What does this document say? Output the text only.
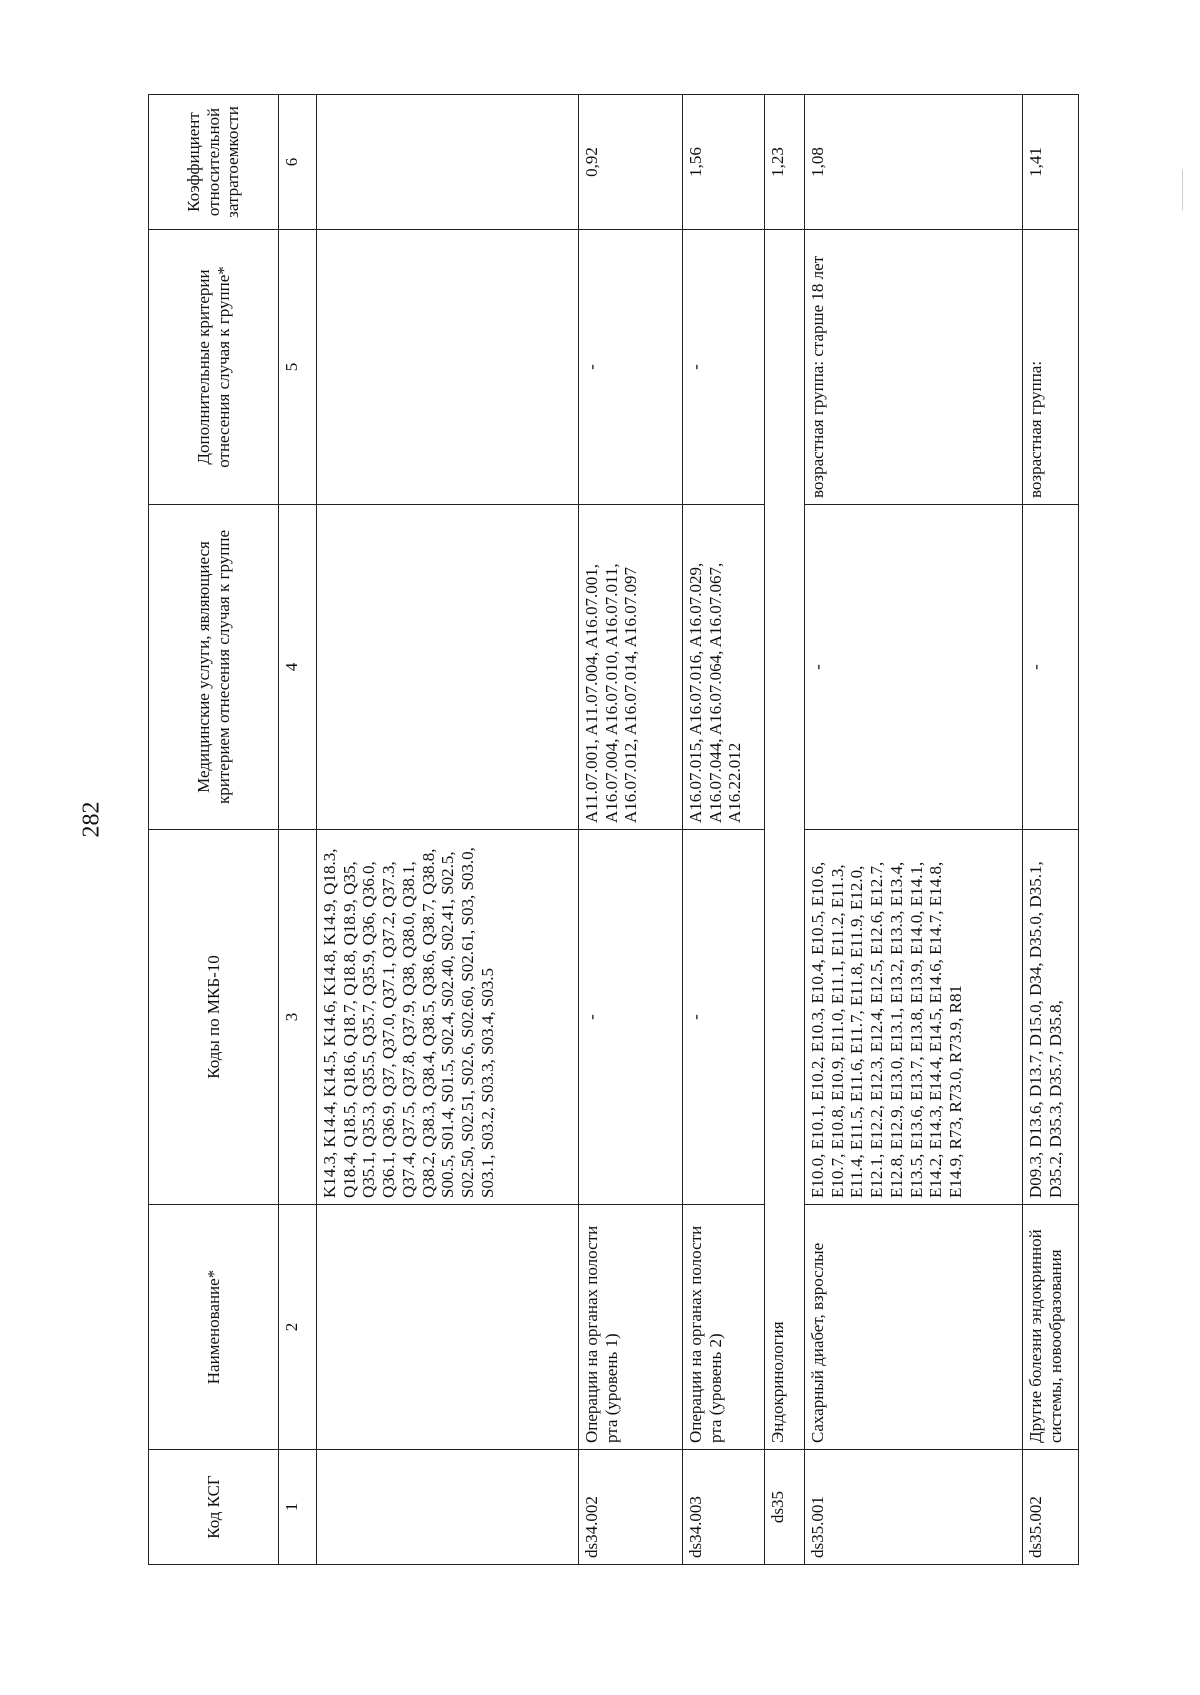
282
Код КСГ	Наименование*	Коды по МКБ-10	Медицинские услуги, являющиеся критерием отнесения случая к группе	Дополнительные критерии отнесения случая к группе*	Коэффициент относительной затратоемкости
1	2	3	4	5	6
		K14.3, K14.4, K14.5, K14.6, K14.8, K14.9, Q18.3, Q18.4, Q18.5, Q18.6, Q18.7, Q18.8, Q18.9, Q35, Q35.1, Q35.3, Q35.5, Q35.7, Q35.9, Q36, Q36.0, Q36.1, Q36.9, Q37, Q37.0, Q37.1, Q37.2, Q37.3, Q37.4, Q37.5, Q37.8, Q37.9, Q38, Q38.0, Q38.1, Q38.2, Q38.3, Q38.4, Q38.5, Q38.6, Q38.7, Q38.8, S00.5, S01.4, S01.5, S02.4, S02.40, S02.41, S02.5, S02.50, S02.51, S02.6, S02.60, S02.61, S03, S03.0, S03.1, S03.2, S03.3, S03.4, S03.5			
ds34.002	Операции на органах полости рта (уровень 1)	-	A11.07.001, A11.07.004, A16.07.001, A16.07.004, A16.07.010, A16.07.011, A16.07.012, A16.07.014, A16.07.097	-	0,92
ds34.003	Операции на органах полости рта (уровень 2)	-	A16.07.015, A16.07.016, A16.07.029, A16.07.044, A16.07.064, A16.07.067, A16.22.012	-	1,56
ds35	Эндокринология				1,23
ds35.001	Сахарный диабет, взрослые	E10.0, E10.1, E10.2, E10.3, E10.4, E10.5, E10.6, E10.7, E10.8, E10.9, E11.0, E11.1, E11.2, E11.3, E11.4, E11.5, E11.6, E11.7, E11.8, E11.9, E12.0, E12.1, E12.2, E12.3, E12.4, E12.5, E12.6, E12.7, E12.8, E12.9, E13.0, E13.1, E13.2, E13.3, E13.4, E13.5, E13.6, E13.7, E13.8, E13.9, E14.0, E14.1, E14.2, E14.3, E14.4, E14.5, E14.6, E14.7, E14.8, E14.9, R73, R73.0, R73.9, R81	-	возрастная группа: старше 18 лет	1,08
ds35.002	Другие болезни эндокринной системы, новообразования	D09.3, D13.6, D13.7, D15.0, D34, D35.0, D35.1, D35.2, D35.3, D35.7, D35.8,	-	возрастная группа:	1,41
